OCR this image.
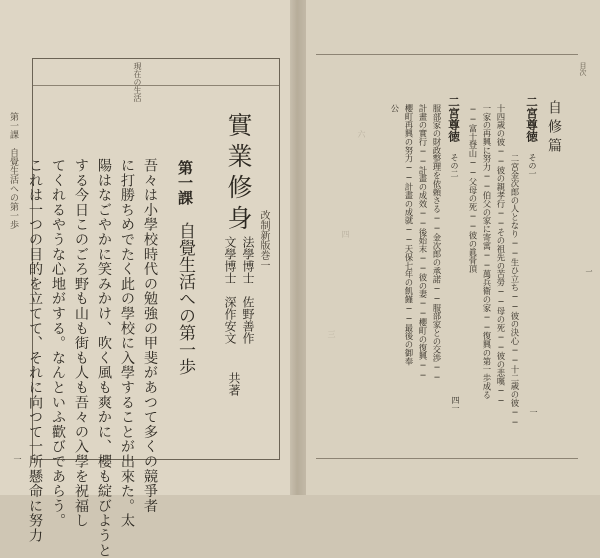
第一課　自覺生活への第一歩
一
現在の生活
實業修身
改制新版巻一
法學博士　佐野善作
文學博士　深作安文
共著
第一課　自覺生活への第一歩
吾々は小學校時代の勉強の甲斐があつて多くの競爭者
に打勝ちめでたく此の學校に入學することが出來た。太
陽はなごやかに笑みかけ、吹く風も爽かに、櫻も綻びようと
する今日このごろ野も山も街も人も吾々の入學を祝福し
てくれるやうな心地がする。なんといふ歡びであらう。
これは一つの目的を立てて、それに向つて一所懸命に努力
目次
一
自修篇
二宮尊徳　その一
一
二宮金次郎の人となり──生ひ立ち──彼の決心──十二歳の彼──
十四歳の彼──彼の親孝行──その祖先の苦勞──母の死──彼の悲嘆──
一家の再興に努力──伯父の家に寄寓──萬兵衛の家──復興の第一歩成る
──富士登山──父母の死──彼の眞骨頂
二宮尊徳　その二
四一
服部家の財政整理を依頼さる──金次郎の承諾──服部家との交渉──
計畫の實行──計畫の成效──後始末──彼の妻──櫻町の復興──
櫻町再興の努力──計畫の成就──天保七年の飢饉──最後の御奉
公
六
四
三
